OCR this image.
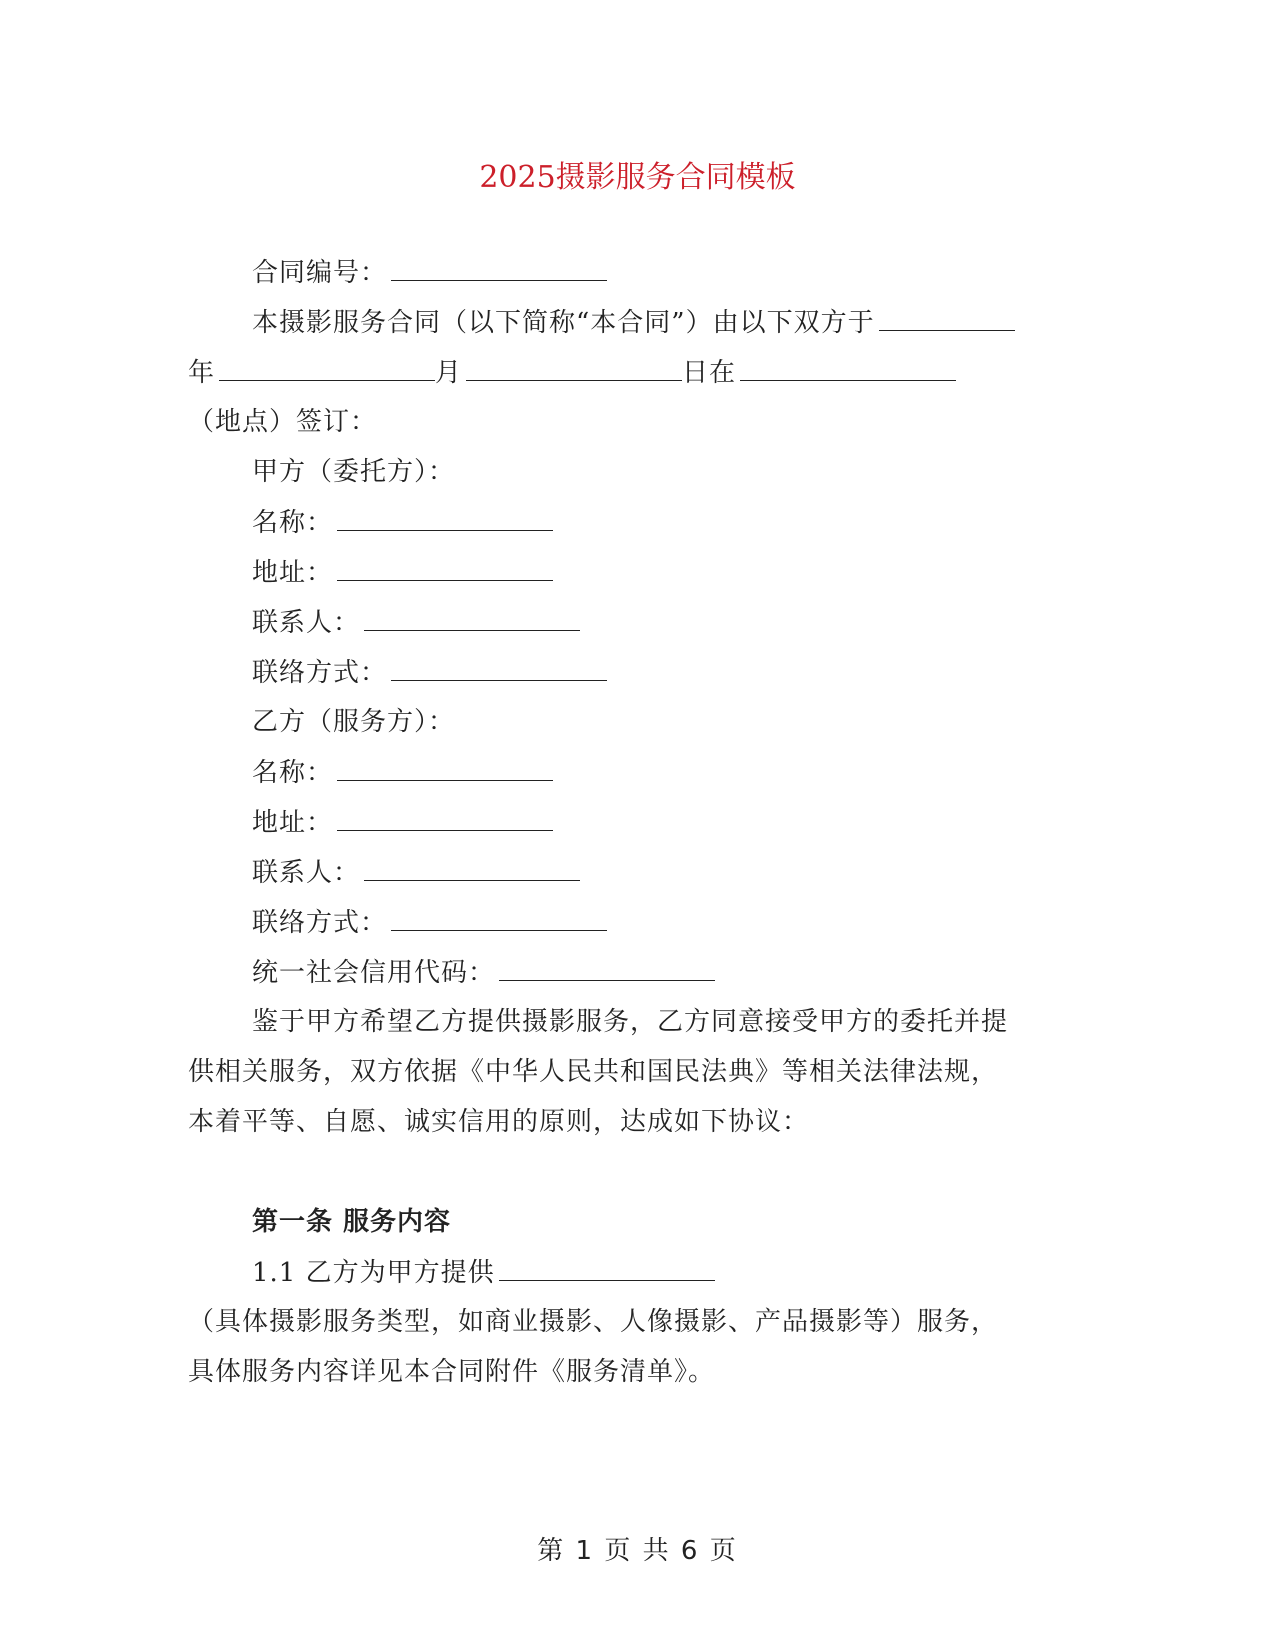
2025摄影服务合同模板
合同编号：
本摄影服务合同（以下简称“本合同”）由以下双方于
年	月	日在
（地点）签订：
甲方（委托方）：
名称：
地址：
联系人：
联络方式：
乙方（服务方）：
名称：
地址：
联系人：
联络方式：
统一社会信用代码：
鉴于甲方希望乙方提供摄影服务，乙方同意接受甲方的委托并提
供相关服务，双方依据《中华人民共和国民法典》等相关法律法规，
本着平等、自愿、诚实信用的原则，达成如下协议：
第一条 服务内容
1.1 乙方为甲方提供
（具体摄影服务类型，如商业摄影、人像摄影、产品摄影等）服务，
具体服务内容详见本合同附件《服务清单》。
第 1 页 共 6 页
